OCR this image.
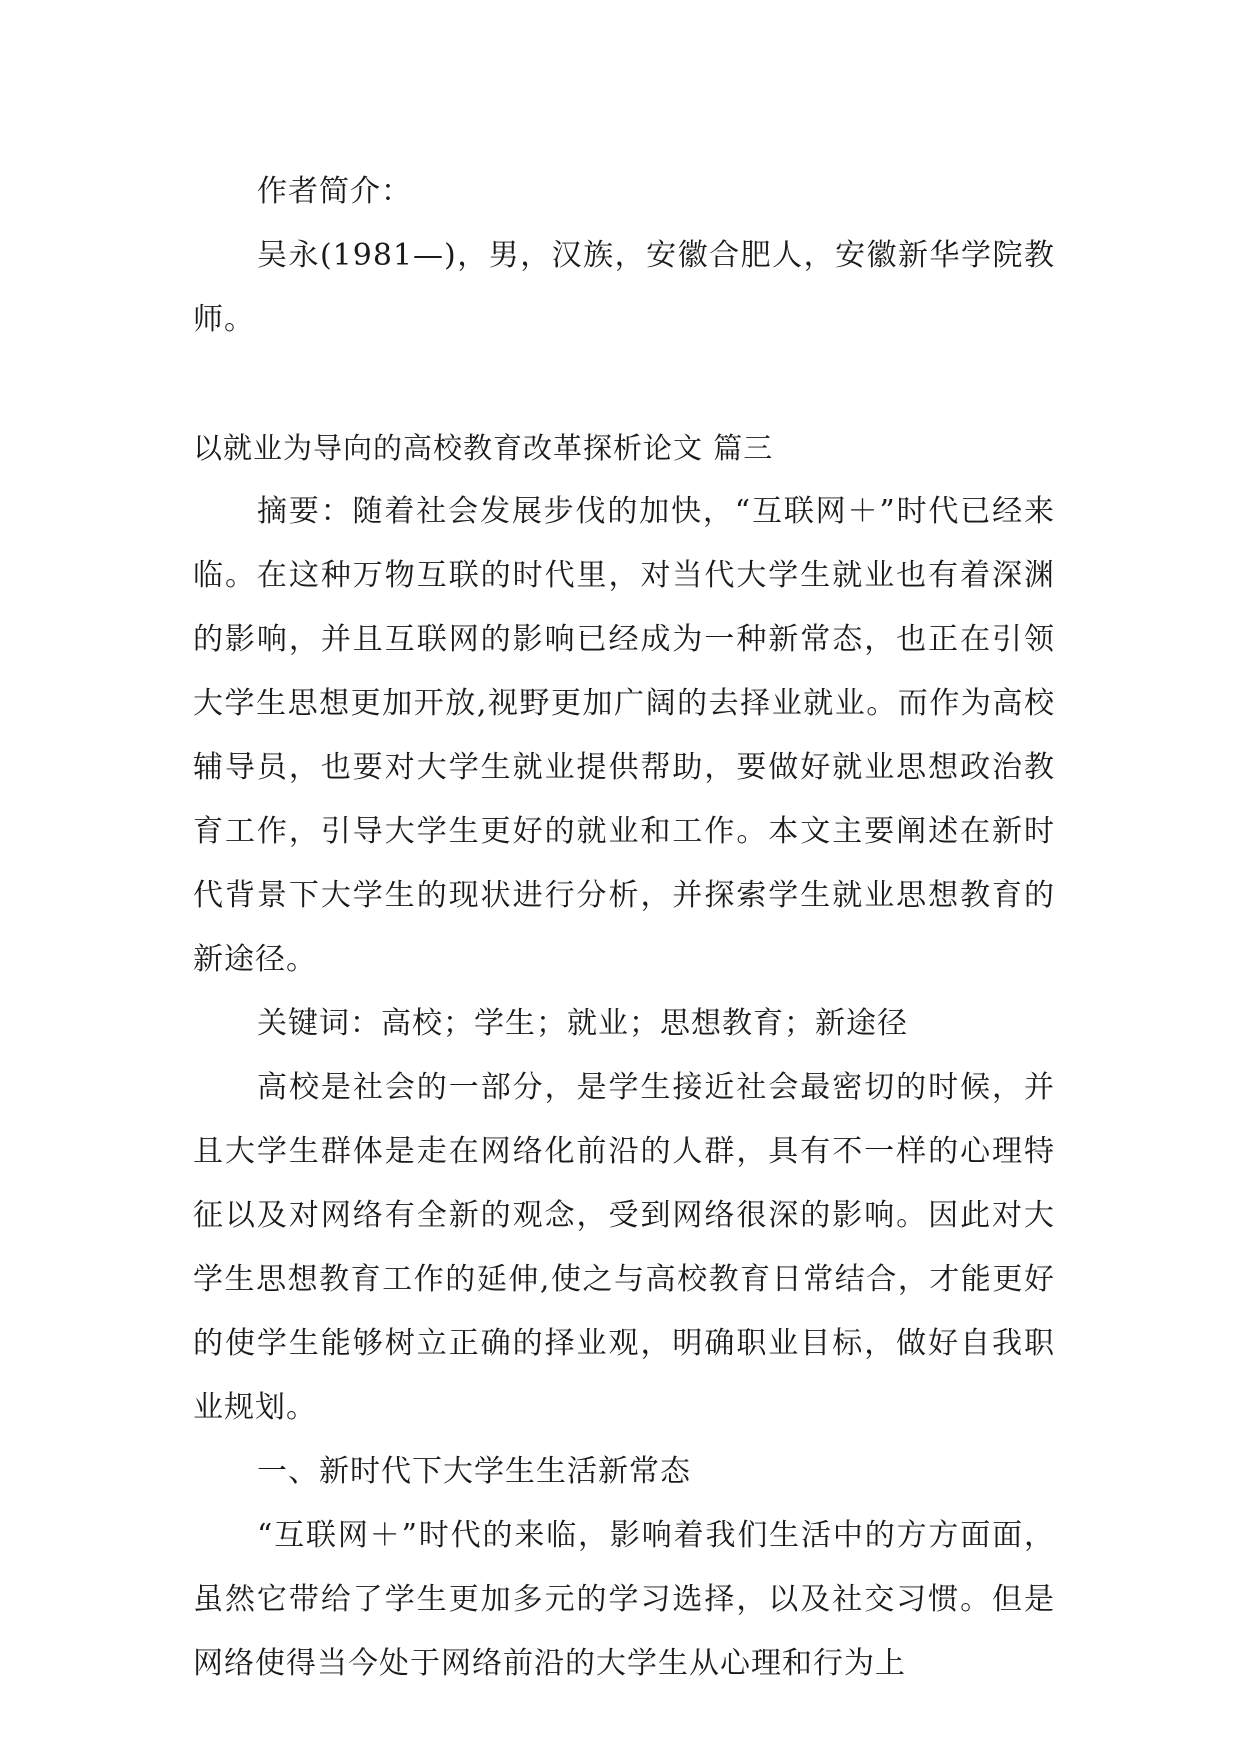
作者简介：

吴永(1981—)，男，汉族，安徽合肥人，安徽新华学院教师。

以就业为导向的高校教育改革探析论文 篇三

摘要：随着社会发展步伐的加快，“互联网＋”时代已经来临。在这种万物互联的时代里，对当代大学生就业也有着深渊的影响，并且互联网的影响已经成为一种新常态，也正在引领大学生思想更加开放,视野更加广阔的去择业就业。而作为高校辅导员，也要对大学生就业提供帮助，要做好就业思想政治教育工作，引导大学生更好的就业和工作。本文主要阐述在新时代背景下大学生的现状进行分析，并探索学生就业思想教育的新途径。

关键词：高校；学生；就业；思想教育；新途径

高校是社会的一部分，是学生接近社会最密切的时候，并且大学生群体是走在网络化前沿的人群，具有不一样的心理特征以及对网络有全新的观念，受到网络很深的影响。因此对大学生思想教育工作的延伸,使之与高校教育日常结合，才能更好的使学生能够树立正确的择业观，明确职业目标，做好自我职业规划。

一、新时代下大学生生活新常态

“互联网＋”时代的来临，影响着我们生活中的方方面面，虽然它带给了学生更加多元的学习选择，以及社交习惯。但是网络使得当今处于网络前沿的大学生从心理和行为上
